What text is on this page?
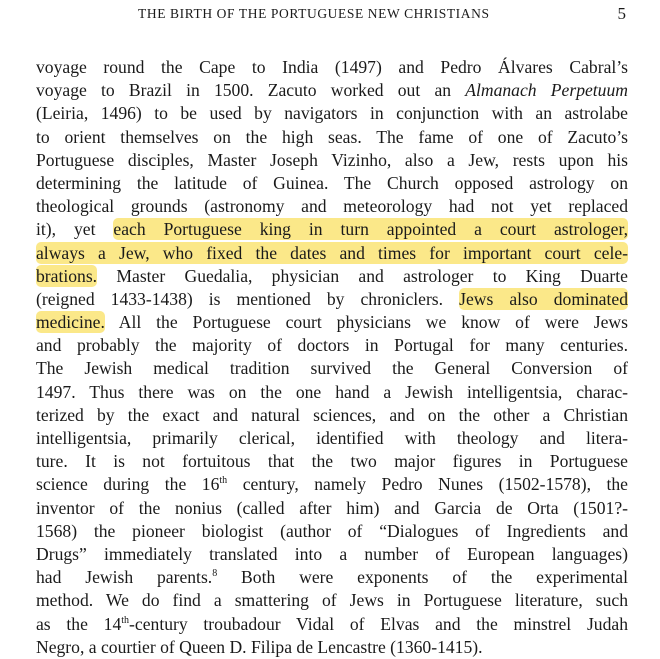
THE BIRTH OF THE PORTUGUESE NEW CHRISTIANS	5
voyage round the Cape to India (1497) and Pedro Álvares Cabral’s
voyage to Brazil in 1500. Zacuto worked out an Almanach Perpetuum
(Leiria, 1496) to be used by navigators in conjunction with an astrolabe
to orient themselves on the high seas. The fame of one of Zacuto’s
Portuguese disciples, Master Joseph Vizinho, also a Jew, rests upon his
determining the latitude of Guinea. The Church opposed astrology on
theological grounds (astronomy and meteorology had not yet replaced
it), yet each Portuguese king in turn appointed a court astrologer,
always a Jew, who fixed the dates and times for important court cele-
brations. Master Guedalia, physician and astrologer to King Duarte
(reigned 1433-1438) is mentioned by chroniclers. Jews also dominated
medicine. All the Portuguese court physicians we know of were Jews
and probably the majority of doctors in Portugal for many centuries.
The Jewish medical tradition survived the General Conversion of
1497. Thus there was on the one hand a Jewish intelligentsia, charac-
terized by the exact and natural sciences, and on the other a Christian
intelligentsia, primarily clerical, identified with theology and litera-
ture. It is not fortuitous that the two major figures in Portuguese
science during the 16th century, namely Pedro Nunes (1502-1578), the
inventor of the nonius (called after him) and Garcia de Orta (1501?-
1568) the pioneer biologist (author of “Dialogues of Ingredients and
Drugs” immediately translated into a number of European languages)
had Jewish parents.$^8$ Both were exponents of the experimental
method. We do find a smattering of Jews in Portuguese literature, such
as the 14th-century troubadour Vidal of Elvas and the minstrel Judah
Negro, a courtier of Queen D. Filipa de Lencastre (1360-1415).
